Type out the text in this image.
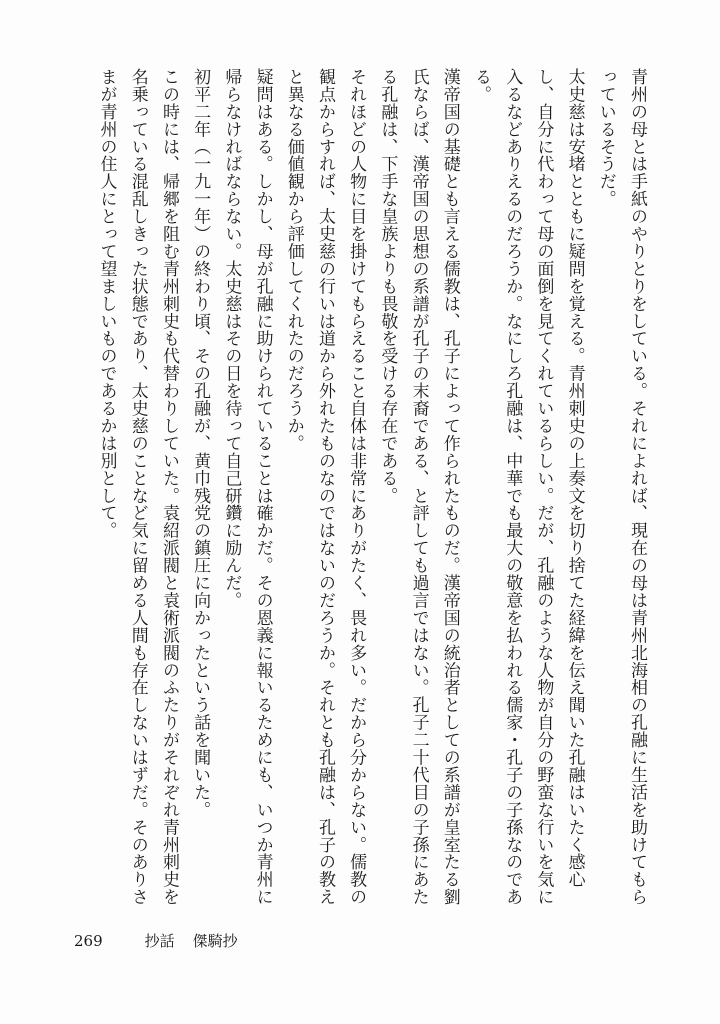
青州の母とは手紙のやりとりをしている。それによれば、現在の母は青州北海相の孔融に生活を助けてもらっているそうだ。

太史慈は安堵とともに疑問を覚える。青州刺史の上奏文を切り捨てた経緯を伝え聞いた孔融はいたく感心し、自分に代わって母の面倒を見てくれているらしい。だが、孔融のような人物が自分の野蛮な行いを気に入るなどありえるのだろうか。なにしろ孔融は、中華でも最大の敬意を払われる儒家・孔子の子孫なのである。

漢帝国の基礎とも言える儒教は、孔子によって作られたものだ。漢帝国の統治者としての系譜が皇室たる劉氏ならば、漢帝国の思想の系譜が孔子の末裔である、と評しても過言ではない。孔子二十代目の子孫にあたる孔融は、下手な皇族よりも畏敬を受ける存在である。

それほどの人物に目を掛けてもらえること自体は非常にありがたく、畏れ多い。だから分からない。儒教の観点からすれば、太史慈の行いは道から外れたものなのではないのだろうか。それとも孔融は、孔子の教えと異なる価値観から評価してくれたのだろうか。

疑問はある。しかし、母が孔融に助けられていることは確かだ。その恩義に報いるためにも、いつか青州に帰らなければならない。太史慈はその日を待って自己研鑽に励んだ。

初平二年（一九一年）の終わり頃、その孔融が、黄巾残党の鎮圧に向かったという話を聞いた。

この時には、帰郷を阻む青州刺史も代替わりしていた。袁紹派閥と袁術派閥のふたりがそれぞれ青州刺史を名乗っている混乱しきった状態であり、太史慈のことなど気に留める人間も存在しないはずだ。そのありさまが青州の住人にとって望ましいものであるかは別として。

269	抄話 傑騎抄
